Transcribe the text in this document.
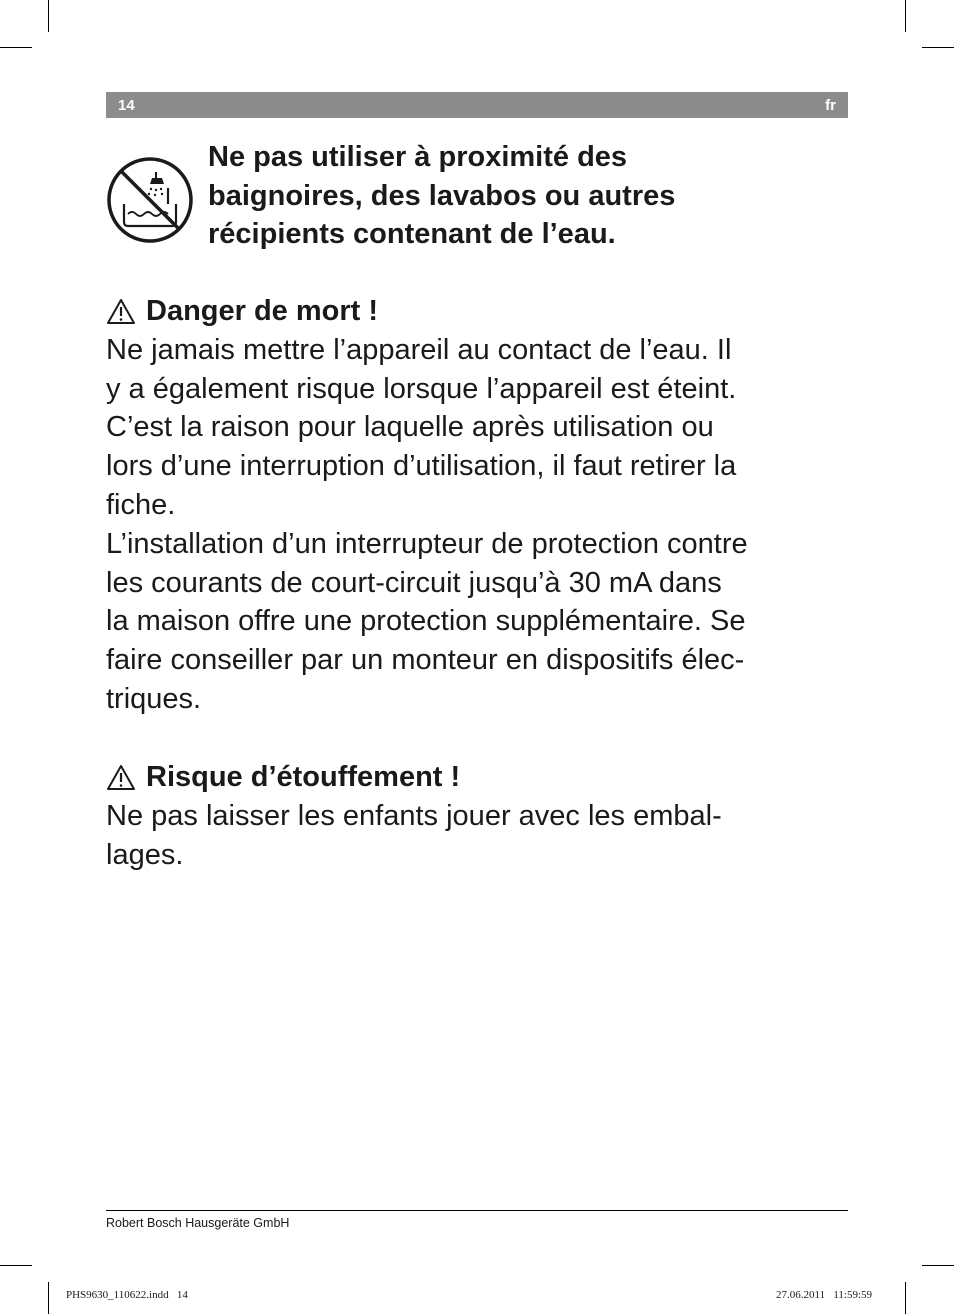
14	fr
Ne pas utiliser à proximité des
baignoires, des lavabos ou autres
récipients contenant de l’eau.
Danger de mort !

Ne jamais mettre l’appareil au contact de l’eau. Il
y a également risque lorsque l’appareil est éteint.
C’est la raison pour laquelle après utilisation ou
lors d’une interruption d’utilisation, il faut retirer la
fiche.

L’installation d’un interrupteur de protection contre
les courants de court-circuit jusqu’à 30 mA dans
la maison offre une protection supplémentaire. Se
faire conseiller par un monteur en dispositifs élec-
triques.

Risque d’étouffement !

Ne pas laisser les enfants jouer avec les embal-
lages.

Robert Bosch Hausgeräte GmbH
PHS9630_110622.indd   14	27.06.2011   11:59:59
